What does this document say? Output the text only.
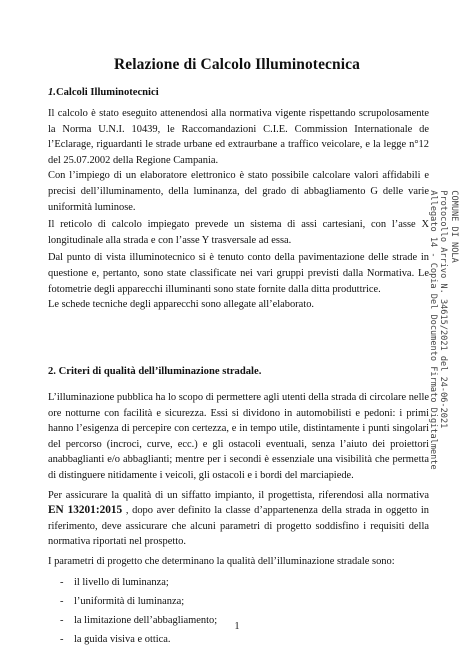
Relazione di Calcolo Illuminotecnica
1.Calcoli Illuminotecnici

Il calcolo è stato eseguito attenendosi alla normativa vigente rispettando scrupolosamente la Norma U.N.I. 10439, le Raccomandazioni C.I.E. Commission Internationale de l’Eclarage, riguardanti le strade urbane ed extraurbane a traffico veicolare, e la legge n°12 del 25.07.2002 della Regione Campania.

Con l’impiego di un elaboratore elettronico è stato possibile calcolare valori affidabili e precisi dell’illuminamento, della luminanza, del grado di abbagliamento G delle varie uniformità luminose.

Il reticolo di calcolo impiegato prevede un sistema di assi cartesiani, con l’asse X longitudinale alla strada e con l’asse Y trasversale ad essa.

Dal punto di vista illuminotecnico si è tenuto conto della pavimentazione delle strade in questione e, pertanto, sono state classificate nei vari gruppi previsti dalla Normativa. Le fotometrie degli apparecchi illuminanti sono state fornite dalla ditta produttrice.

Le schede tecniche degli apparecchi sono allegate all’elaborato.

2. Criteri di qualità dell’illuminazione stradale.

L’illuminazione pubblica ha lo scopo di permettere agli utenti della strada di circolare nelle ore notturne con facilità e sicurezza. Essi si dividono in automobilisti e pedoni: i primi hanno l’esigenza di percepire con certezza, e in tempo utile, distintamente i punti singolari del percorso (incroci, curve, ecc.) e gli ostacoli eventuali, senza l’aiuto dei proiettori anabbaglianti e/o abbaglianti; mentre per i secondi è essenziale una visibilità che permetta di distinguere nitidamente i veicoli, gli ostacoli e i bordi del marciapiede.

Per assicurare la qualità di un siffatto impianto, il progettista, riferendosi alla normativa EN 13201:2015 , dopo aver definito la classe d’appartenenza della strada in oggetto in riferimento, deve assicurare che alcuni parametri di progetto soddisfino i requisiti della normativa riportati nel prospetto.

I parametri di progetto che determinano la qualità dell’illuminazione stradale sono:

- il livello di luminanza;
- l’uniformità di luminanza;
- la limitazione dell’abbagliamento;
- la guida visiva e ottica.
1
COMUNE DI NOLA
Protocollo Arrivo N. 34615/2021 del 24-06-2021
Allegato 14 - Copia Del Documento Firmato Digitalmente
